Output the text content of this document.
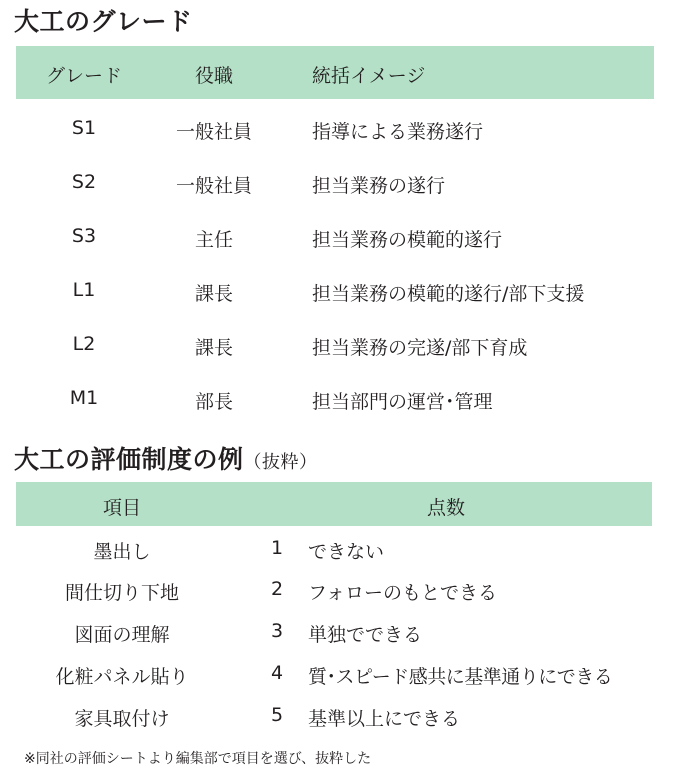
大工のグレード
グレード	役職	統括イメージ
S1	一般社員	指導による業務遂行
S2	一般社員	担当業務の遂行
S3	主任	担当業務の模範的遂行
L1	課長	担当業務の模範的遂行/部下支援
L2	課長	担当業務の完遂/部下育成
M1	部長	担当部門の運営･管理
大工の評価制度の例（抜粋）
項目	点数
墨出し	1 できない
間仕切り下地	2 フォローのもとできる
図面の理解	3 単独でできる
化粧パネル貼り	4 質･スピード感共に基準通りにできる
家具取付け	5 基準以上にできる
※同社の評価シートより編集部で項目を選び、抜粋した
